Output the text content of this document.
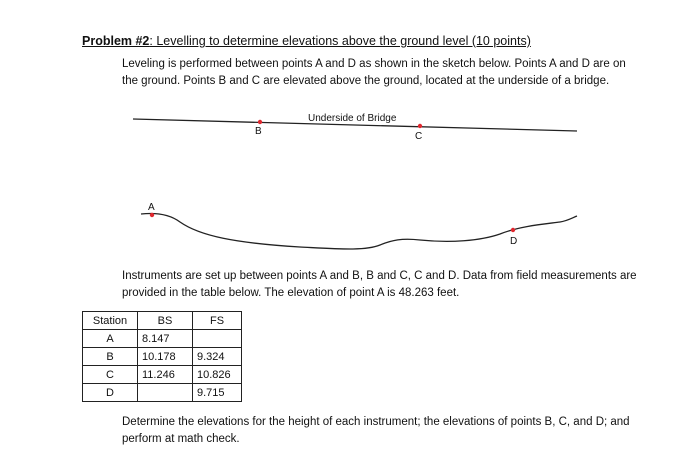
Problem #2: Levelling to determine elevations above the ground level (10 points)
Leveling is performed between points A and D as shown in the sketch below. Points A and D are on the ground. Points B and C are elevated above the ground, located at the underside of a bridge.
Underside of Bridge
A
B	C
D
Instruments are set up between points A and B, B and C, C and D. Data from field measurements are provided in the table below. The elevation of point A is 48.263 feet.
Station	BS	FS
A	8.147	
B	10.178	9.324
C	11.246	10.826
D		9.715
Determine the elevations for the height of each instrument; the elevations of points B, C, and D; and perform at math check.
